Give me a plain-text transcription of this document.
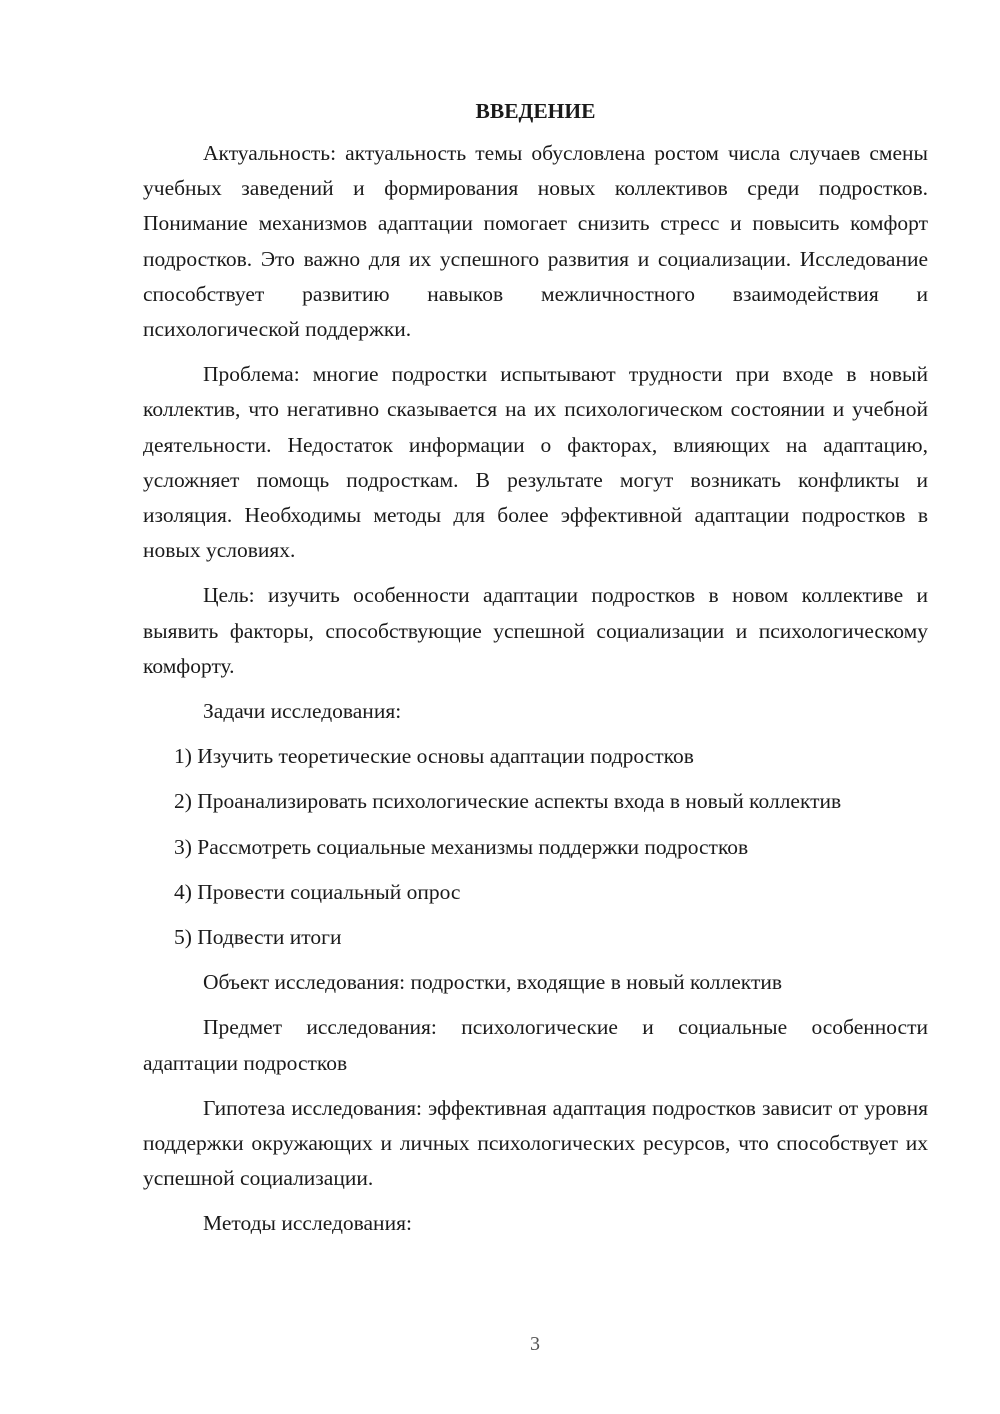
ВВЕДЕНИЕ

Актуальность: актуальность темы обусловлена ростом числа случаев смены учебных заведений и формирования новых коллективов среди подростков. Понимание механизмов адаптации помогает снизить стресс и повысить комфорт подростков. Это важно для их успешного развития и социализации. Исследование способствует развитию навыков межличностного взаимодействия и психологической поддержки.

Проблема: многие подростки испытывают трудности при входе в новый коллектив, что негативно сказывается на их психологическом состоянии и учебной деятельности. Недостаток информации о факторах, влияющих на адаптацию, усложняет помощь подросткам. В результате могут возникать конфликты и изоляция. Необходимы методы для более эффективной адаптации подростков в новых условиях.

Цель: изучить особенности адаптации подростков в новом коллективе и выявить факторы, способствующие успешной социализации и психологическому комфорту.

Задачи исследования:

1) Изучить теоретические основы адаптации подростков

2) Проанализировать психологические аспекты входа в новый коллектив

3) Рассмотреть социальные механизмы поддержки подростков

4) Провести социальный опрос

5) Подвести итоги

Объект исследования: подростки, входящие в новый коллектив

Предмет исследования: психологические и социальные особенности адаптации подростков

Гипотеза исследования: эффективная адаптация подростков зависит от уровня поддержки окружающих и личных психологических ресурсов, что способствует их успешной социализации.

Методы исследования:

3
